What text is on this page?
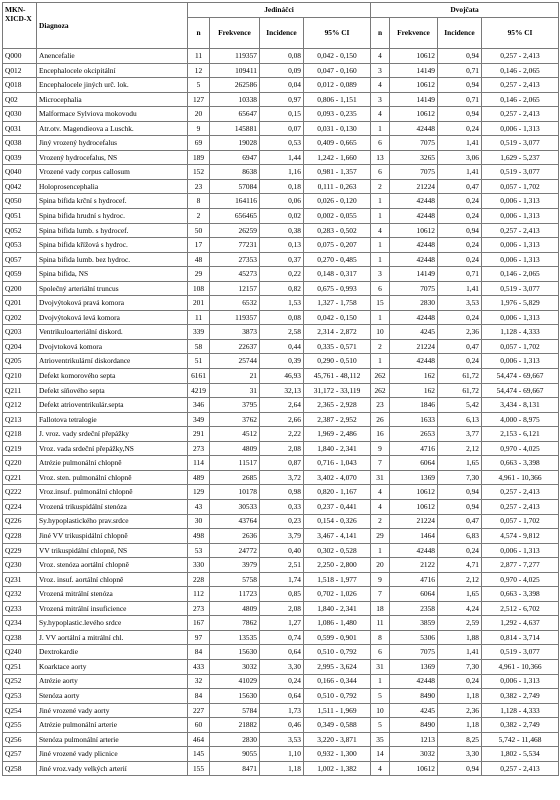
MKN-
XICD-X	Diagnoza	Jedináčci				Dvojčata			
		n	Frekvence	Incidence	95% CI	n	Frekvence	Incidence	95% CI
Q000	Anencefalie	11	119357	0,08	0,042 - 0,150	4	10612	0,94	0,257 - 2,413
Q012	Encephalocele okcipitální	12	109411	0,09	0,047 - 0,160	3	14149	0,71	0,146 - 2,065
Q018	Encephalocele jiných urč. lok.	5	262586	0,04	0,012 - 0,089	4	10612	0,94	0,257 - 2,413
Q02	Microcephalia	127	10338	0,97	0,806 - 1,151	3	14149	0,71	0,146 - 2,065
Q030	Malformace Sylviova mokovodu	20	65647	0,15	0,093 - 0,235	4	10612	0,94	0,257 - 2,413
Q031	Atr.otv. Magendieova a Luschk.	9	145881	0,07	0,031 - 0,130	1	42448	0,24	0,006 - 1,313
Q038	Jiný vrozený hydrocefalus	69	19028	0,53	0,409 - 0,665	6	7075	1,41	0,519 - 3,077
Q039	Vrozený hydrocefalus, NS	189	6947	1,44	1,242 - 1,660	13	3265	3,06	1,629 - 5,237
Q040	Vrozené vady corpus callosum	152	8638	1,16	0,981 - 1,357	6	7075	1,41	0,519 - 3,077
Q042	Holoprosencephalia	23	57084	0,18	0,111 - 0,263	2	21224	0,47	0,057 - 1,702
Q050	Spina bifida krční s hydrocef.	8	164116	0,06	0,026 - 0,120	1	42448	0,24	0,006 - 1,313
Q051	Spina bifida hrudní s hydroc.	2	656465	0,02	0,002 - 0,055	1	42448	0,24	0,006 - 1,313
Q052	Spina bifida lumb. s hydrocef.	50	26259	0,38	0,283 - 0,502	4	10612	0,94	0,257 - 2,413
Q053	Spina bifida křížová s hydroc.	17	77231	0,13	0,075 - 0,207	1	42448	0,24	0,006 - 1,313
Q057	Spina bifida lumb. bez hydroc.	48	27353	0,37	0,270 - 0,485	1	42448	0,24	0,006 - 1,313
Q059	Spina bifida, NS	29	45273	0,22	0,148 - 0,317	3	14149	0,71	0,146 - 2,065
Q200	Společný arteriální truncus	108	12157	0,82	0,675 - 0,993	6	7075	1,41	0,519 - 3,077
Q201	Dvojvýtoková pravá komora	201	6532	1,53	1,327 - 1,758	15	2830	3,53	1,976 - 5,829
Q202	Dvojvýtoková levá komora	11	119357	0,08	0,042 - 0,150	1	42448	0,24	0,006 - 1,313
Q203	Ventrikuloarteriální diskord.	339	3873	2,58	2,314 - 2,872	10	4245	2,36	1,128 - 4,333
Q204	Dvojvtoková komora	58	22637	0,44	0,335 - 0,571	2	21224	0,47	0,057 - 1,702
Q205	Atrioventrikulární diskordance	51	25744	0,39	0,290 - 0,510	1	42448	0,24	0,006 - 1,313
Q210	Defekt komorového septa	6161	21	46,93	45,761 - 48,112	262	162	61,72	54,474 - 69,667
Q211	Defekt síňového septa	4219	31	32,13	31,172 - 33,119	262	162	61,72	54,474 - 69,667
Q212	Defekt atrioventrikulár.septa	346	3795	2,64	2,365 - 2,928	23	1846	5,42	3,434 - 8,131
Q213	Fallotova tetralogie	349	3762	2,66	2,387 - 2,952	26	1633	6,13	4,000 - 8,975
Q218	J. vroz. vady srdeční přepážky	291	4512	2,22	1,969 - 2,486	16	2653	3,77	2,153 - 6,121
Q219	Vroz. vada srdeční přepážky,NS	273	4809	2,08	1,840 - 2,341	9	4716	2,12	0,970 - 4,025
Q220	Atrézie pulmonální chlopně	114	11517	0,87	0,716 - 1,043	7	6064	1,65	0,663 - 3,398
Q221	Vroz. sten. pulmonální chlopně	489	2685	3,72	3,402 - 4,070	31	1369	7,30	4,961 - 10,366
Q222	Vroz.insuf. pulmonální chlopně	129	10178	0,98	0,820 - 1,167	4	10612	0,94	0,257 - 2,413
Q224	Vrozená trikuspidální stenóza	43	30533	0,33	0,237 - 0,441	4	10612	0,94	0,257 - 2,413
Q226	Sy.hypoplastického prav.srdce	30	43764	0,23	0,154 - 0,326	2	21224	0,47	0,057 - 1,702
Q228	Jiné VV trikuspidální chlopně	498	2636	3,79	3,467 - 4,141	29	1464	6,83	4,574 - 9,812
Q229	VV trikuspidální chlopně, NS	53	24772	0,40	0,302 - 0,528	1	42448	0,24	0,006 - 1,313
Q230	Vroz. stenóza aortální chlopně	330	3979	2,51	2,250 - 2,800	20	2122	4,71	2,877 - 7,277
Q231	Vroz. insuf. aortální chlopně	228	5758	1,74	1,518 - 1,977	9	4716	2,12	0,970 - 4,025
Q232	Vrozená mitrální stenóza	112	11723	0,85	0,702 - 1,026	7	6064	1,65	0,663 - 3,398
Q233	Vrozená mitrální insuficience	273	4809	2,08	1,840 - 2,341	18	2358	4,24	2,512 - 6,702
Q234	Sy.hypoplastic.levého srdce	167	7862	1,27	1,086 - 1,480	11	3859	2,59	1,292 - 4,637
Q238	J. VV aortální a mitrální chl.	97	13535	0,74	0,599 - 0,901	8	5306	1,88	0,814 - 3,714
Q240	Dextrokardie	84	15630	0,64	0,510 - 0,792	6	7075	1,41	0,519 - 3,077
Q251	Koarktace aorty	433	3032	3,30	2,995 - 3,624	31	1369	7,30	4,961 - 10,366
Q252	Atrézie aorty	32	41029	0,24	0,166 - 0,344	1	42448	0,24	0,006 - 1,313
Q253	Stenóza aorty	84	15630	0,64	0,510 - 0,792	5	8490	1,18	0,382 - 2,749
Q254	Jiné vrozené vady aorty	227	5784	1,73	1,511 - 1,969	10	4245	2,36	1,128 - 4,333
Q255	Atrézie pulmonální arterie	60	21882	0,46	0,349 - 0,588	5	8490	1,18	0,382 - 2,749
Q256	Stenóza pulmonální arterie	464	2830	3,53	3,220 - 3,871	35	1213	8,25	5,742 - 11,468
Q257	Jiné vrozené vady plicnice	145	9055	1,10	0,932 - 1,300	14	3032	3,30	1,802 - 5,534
Q258	Jiné vroz.vady velkých arterií	155	8471	1,18	1,002 - 1,382	4	10612	0,94	0,257 - 2,413
